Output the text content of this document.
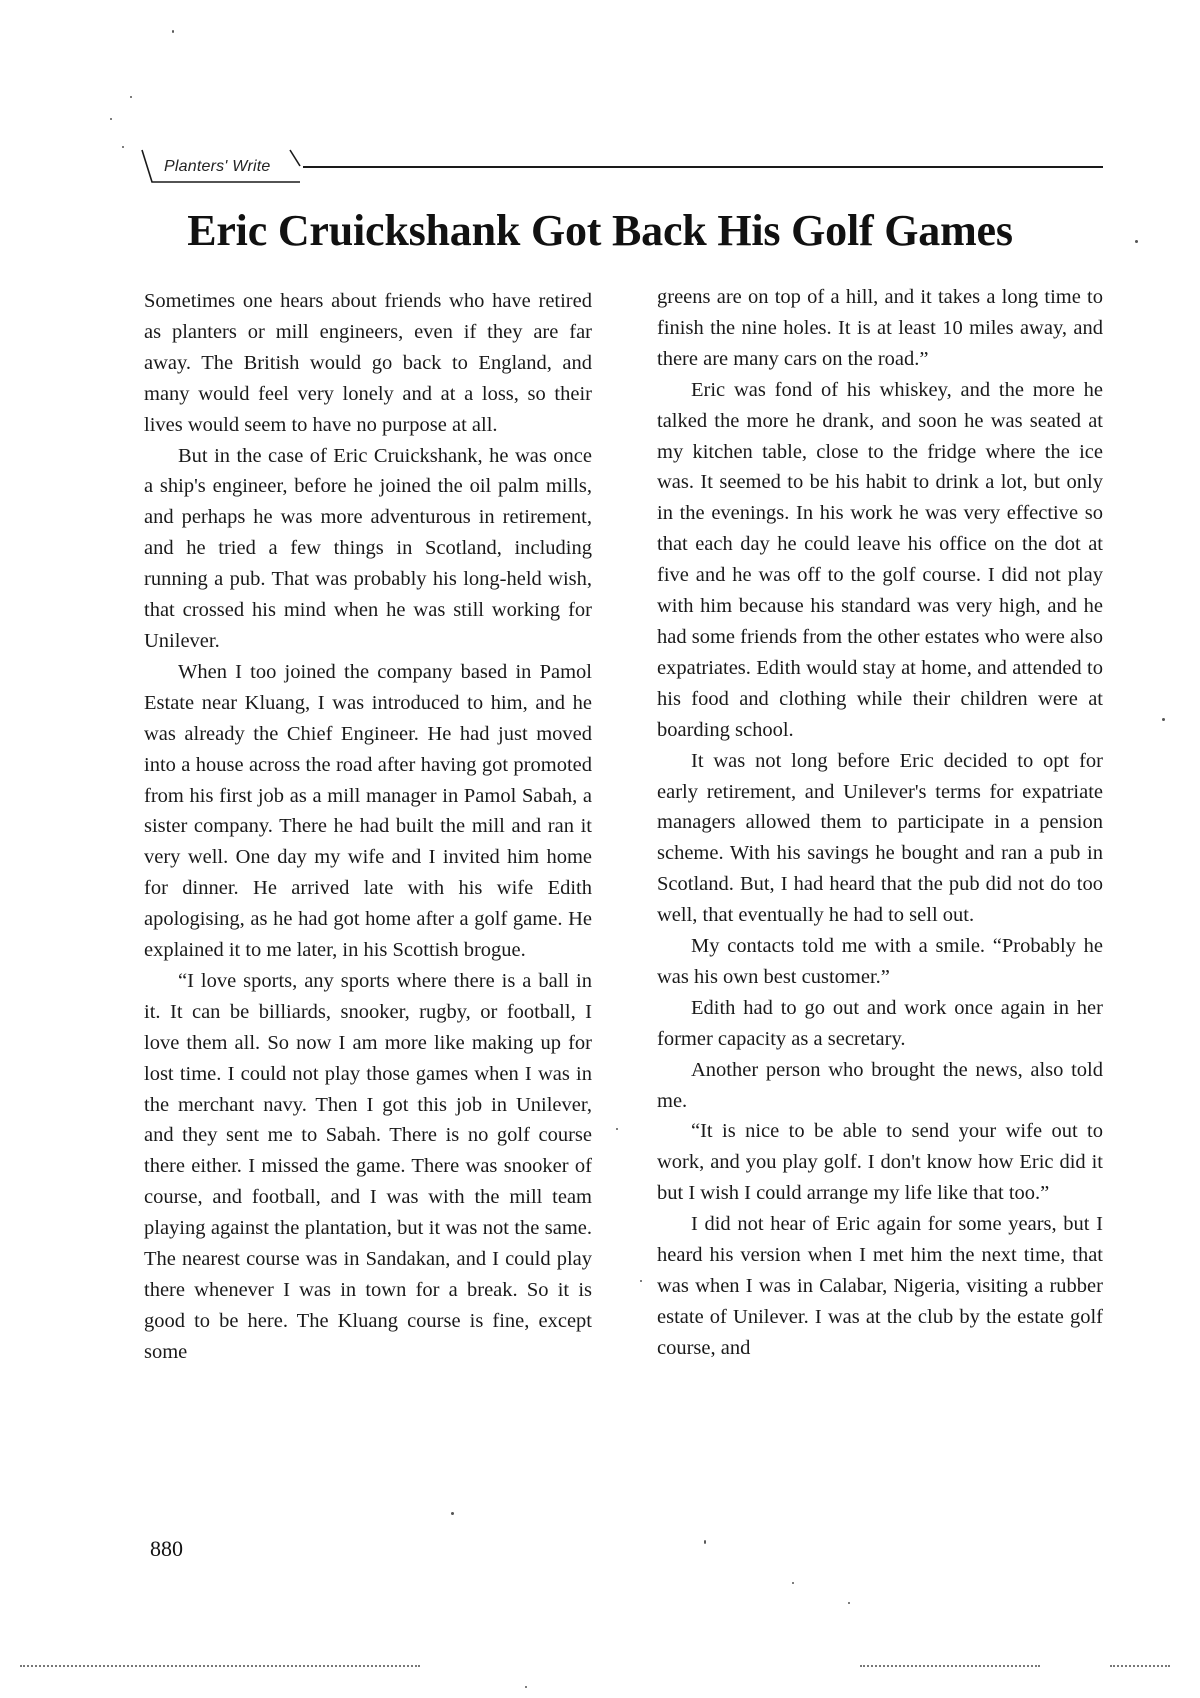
Planters' Write
Eric Cruickshank Got Back His Golf Games

Sometimes one hears about friends who have retired as planters or mill engineers, even if they are far away. The British would go back to England, and many would feel very lonely and at a loss, so their lives would seem to have no purpose at all.

But in the case of Eric Cruickshank, he was once a ship's engineer, before he joined the oil palm mills, and perhaps he was more adventurous in retirement, and he tried a few things in Scotland, including running a pub. That was probably his long-held wish, that crossed his mind when he was still working for Unilever.

When I too joined the company based in Pamol Estate near Kluang, I was introduced to him, and he was already the Chief Engineer. He had just moved into a house across the road after having got promoted from his first job as a mill manager in Pamol Sabah, a sister company. There he had built the mill and ran it very well. One day my wife and I invited him home for dinner. He arrived late with his wife Edith apologising, as he had got home after a golf game. He explained it to me later, in his Scottish brogue.

“I love sports, any sports where there is a ball in it. It can be billiards, snooker, rugby, or football, I love them all. So now I am more like making up for lost time. I could not play those games when I was in the merchant navy. Then I got this job in Unilever, and they sent me to Sabah. There is no golf course there either. I missed the game. There was snooker of course, and football, and I was with the mill team playing against the plantation, but it was not the same. The nearest course was in Sandakan, and I could play there whenever I was in town for a break. So it is good to be here. The Kluang course is fine, except some

greens are on top of a hill, and it takes a long time to finish the nine holes. It is at least 10 miles away, and there are many cars on the road.”

Eric was fond of his whiskey, and the more he talked the more he drank, and soon he was seated at my kitchen table, close to the fridge where the ice was. It seemed to be his habit to drink a lot, but only in the evenings. In his work he was very effective so that each day he could leave his office on the dot at five and he was off to the golf course. I did not play with him because his standard was very high, and he had some friends from the other estates who were also expatriates. Edith would stay at home, and attended to his food and clothing while their children were at boarding school.

It was not long before Eric decided to opt for early retirement, and Unilever's terms for expatriate managers allowed them to participate in a pension scheme. With his savings he bought and ran a pub in Scotland. But, I had heard that the pub did not do too well, that eventually he had to sell out.

My contacts told me with a smile. “Probably he was his own best customer.”

Edith had to go out and work once again in her former capacity as a secretary.

Another person who brought the news, also told me.

“It is nice to be able to send your wife out to work, and you play golf. I don't know how Eric did it but I wish I could arrange my life like that too.”

I did not hear of Eric again for some years, but I heard his version when I met him the next time, that was when I was in Calabar, Nigeria, visiting a rubber estate of Unilever. I was at the club by the estate golf course, and

880
